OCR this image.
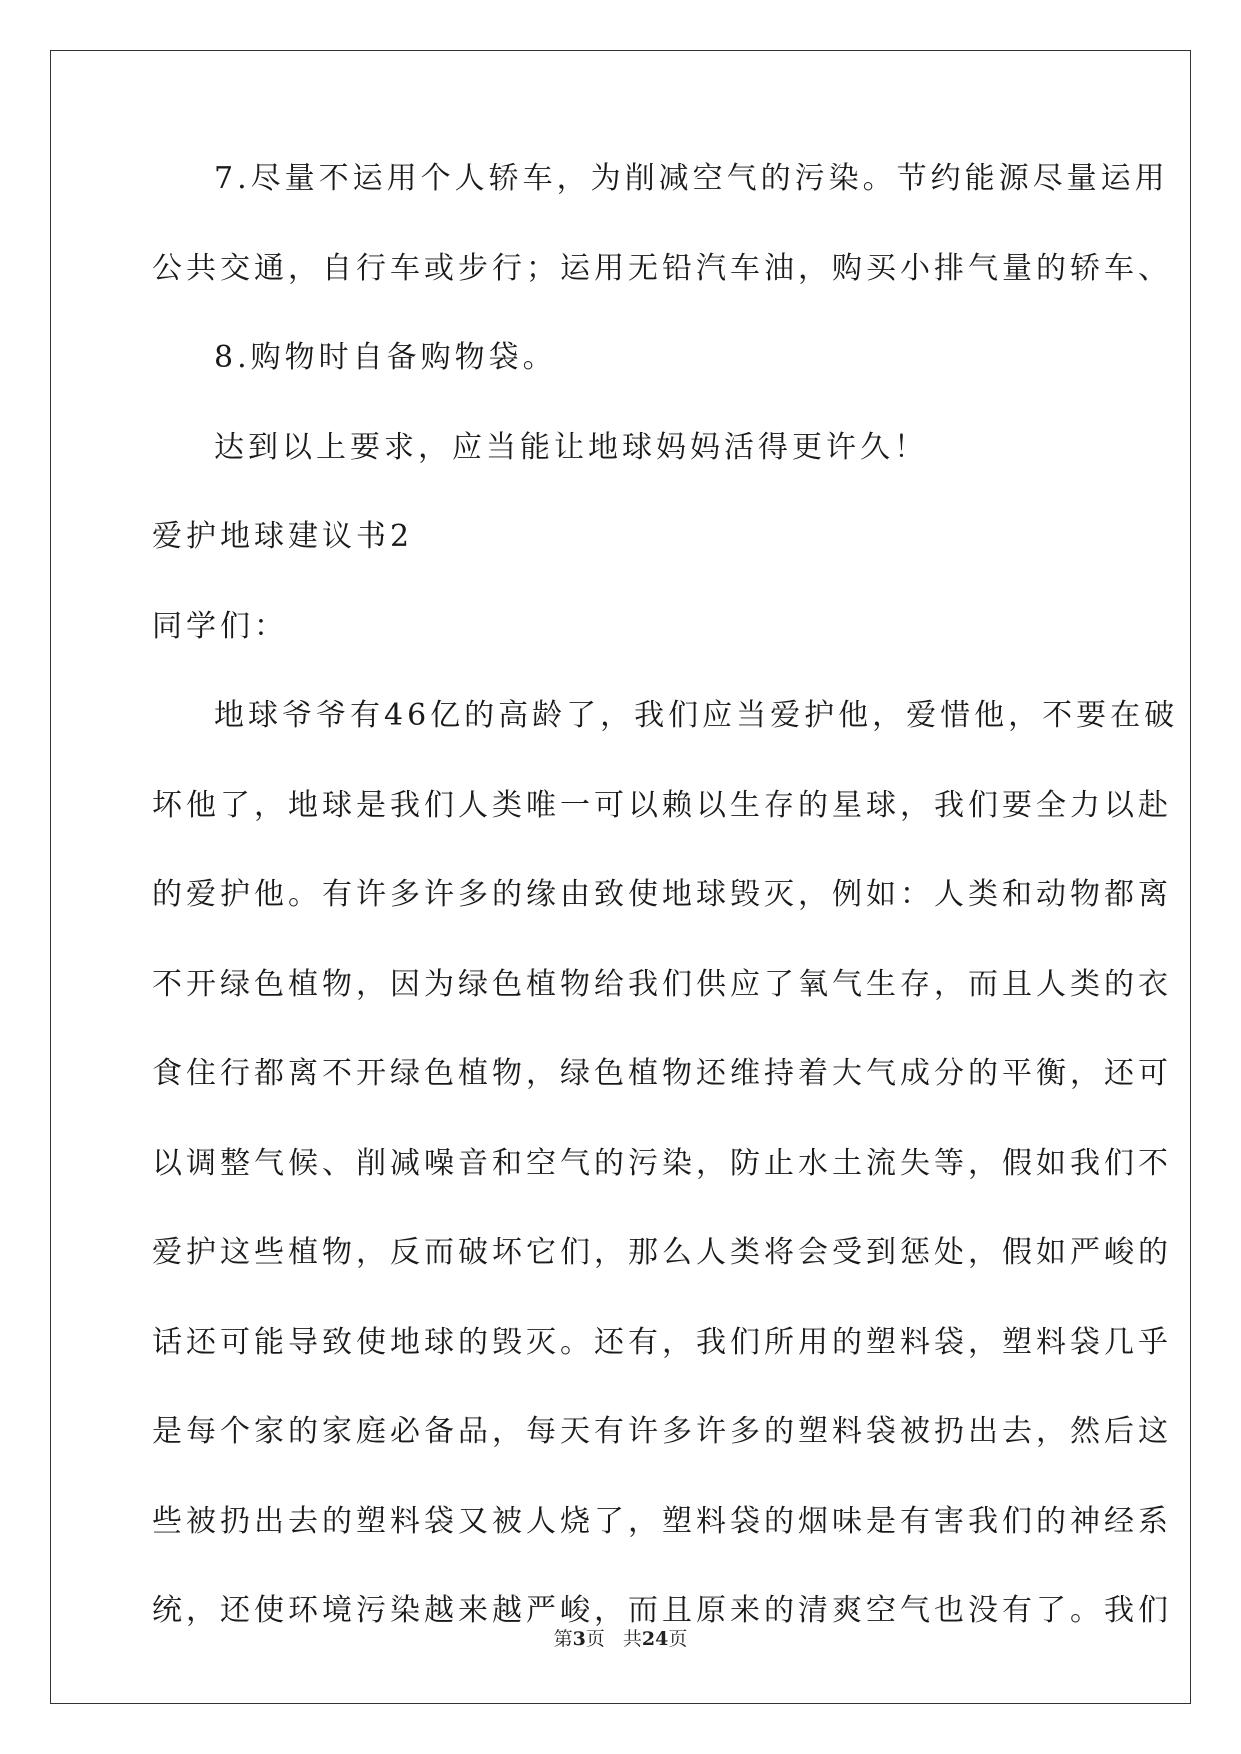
7.尽量不运用个人轿车，为削减空气的污染。节约能源尽量运用
公共交通，自行车或步行；运用无铅汽车油，购买小排气量的轿车、
8.购物时自备购物袋。
达到以上要求，应当能让地球妈妈活得更许久！
爱护地球建议书2
同学们：
地球爷爷有46亿的高龄了，我们应当爱护他，爱惜他，不要在破
坏他了，地球是我们人类唯一可以赖以生存的星球，我们要全力以赴
的爱护他。有许多许多的缘由致使地球毁灭，例如：人类和动物都离
不开绿色植物，因为绿色植物给我们供应了氧气生存，而且人类的衣
食住行都离不开绿色植物，绿色植物还维持着大气成分的平衡，还可
以调整气候、削减噪音和空气的污染，防止水土流失等，假如我们不
爱护这些植物，反而破坏它们，那么人类将会受到惩处，假如严峻的
话还可能导致使地球的毁灭。还有，我们所用的塑料袋，塑料袋几乎
是每个家的家庭必备品，每天有许多许多的塑料袋被扔出去，然后这
些被扔出去的塑料袋又被人烧了，塑料袋的烟味是有害我们的神经系
统，还使环境污染越来越严峻，而且原来的清爽空气也没有了。我们
第3页 共24页
